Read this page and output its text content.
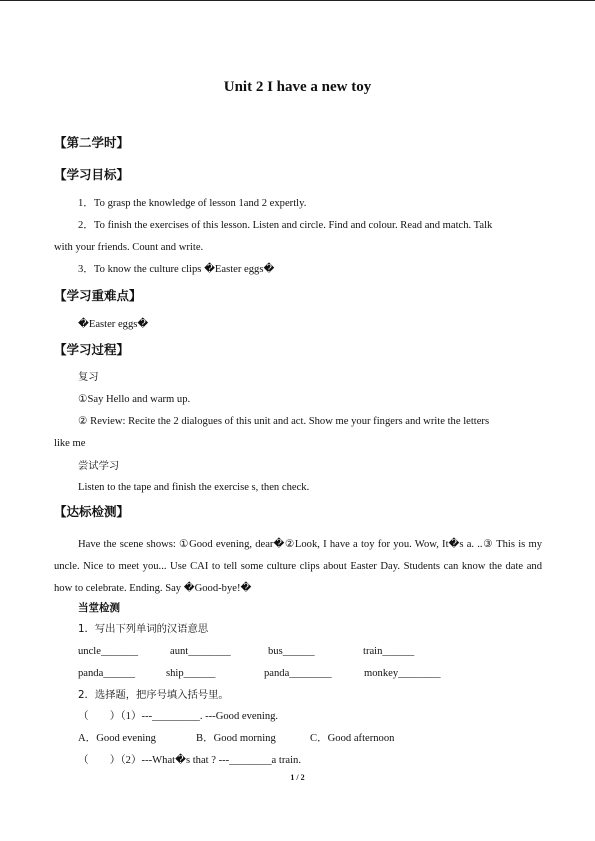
Unit 2 I have a new toy
【第二学时】
【学习目标】
1．To grasp the knowledge of lesson 1and 2 expertly.
2．To finish the exercises of this lesson. Listen and circle. Find and colour. Read and match. Talk
with your friends. Count and write.
3．To know the culture clips �Easter eggs�
【学习重难点】
�Easter eggs�
【学习过程】
复习
①Say Hello and warm up.
② Review: Recite the 2 dialogues of this unit and act. Show me your fingers and write the letters
like me
尝试学习
Listen to the tape and finish the exercise s, then check.
【达标检测】
Have the scene shows: ①Good evening, dear�②Look, I have a toy for you. Wow, It�s a. ..③ This is my uncle. Nice to meet you... Use CAI to tell some culture clips about Easter Day. Students can know the date and how to celebrate. Ending. Say �Good-bye!�
当堂检测
1．写出下列单词的汉语意思
uncle_______	aunt________	bus______	train______
panda______	ship______	panda________	monkey________
2．选择题，把序号填入括号里。
（　　）（1）---_________. ---Good evening.
A．Good evening	B．Good morning	C．Good afternoon
（　　）（2）---What�s that ? ---________a train.
1 / 2
